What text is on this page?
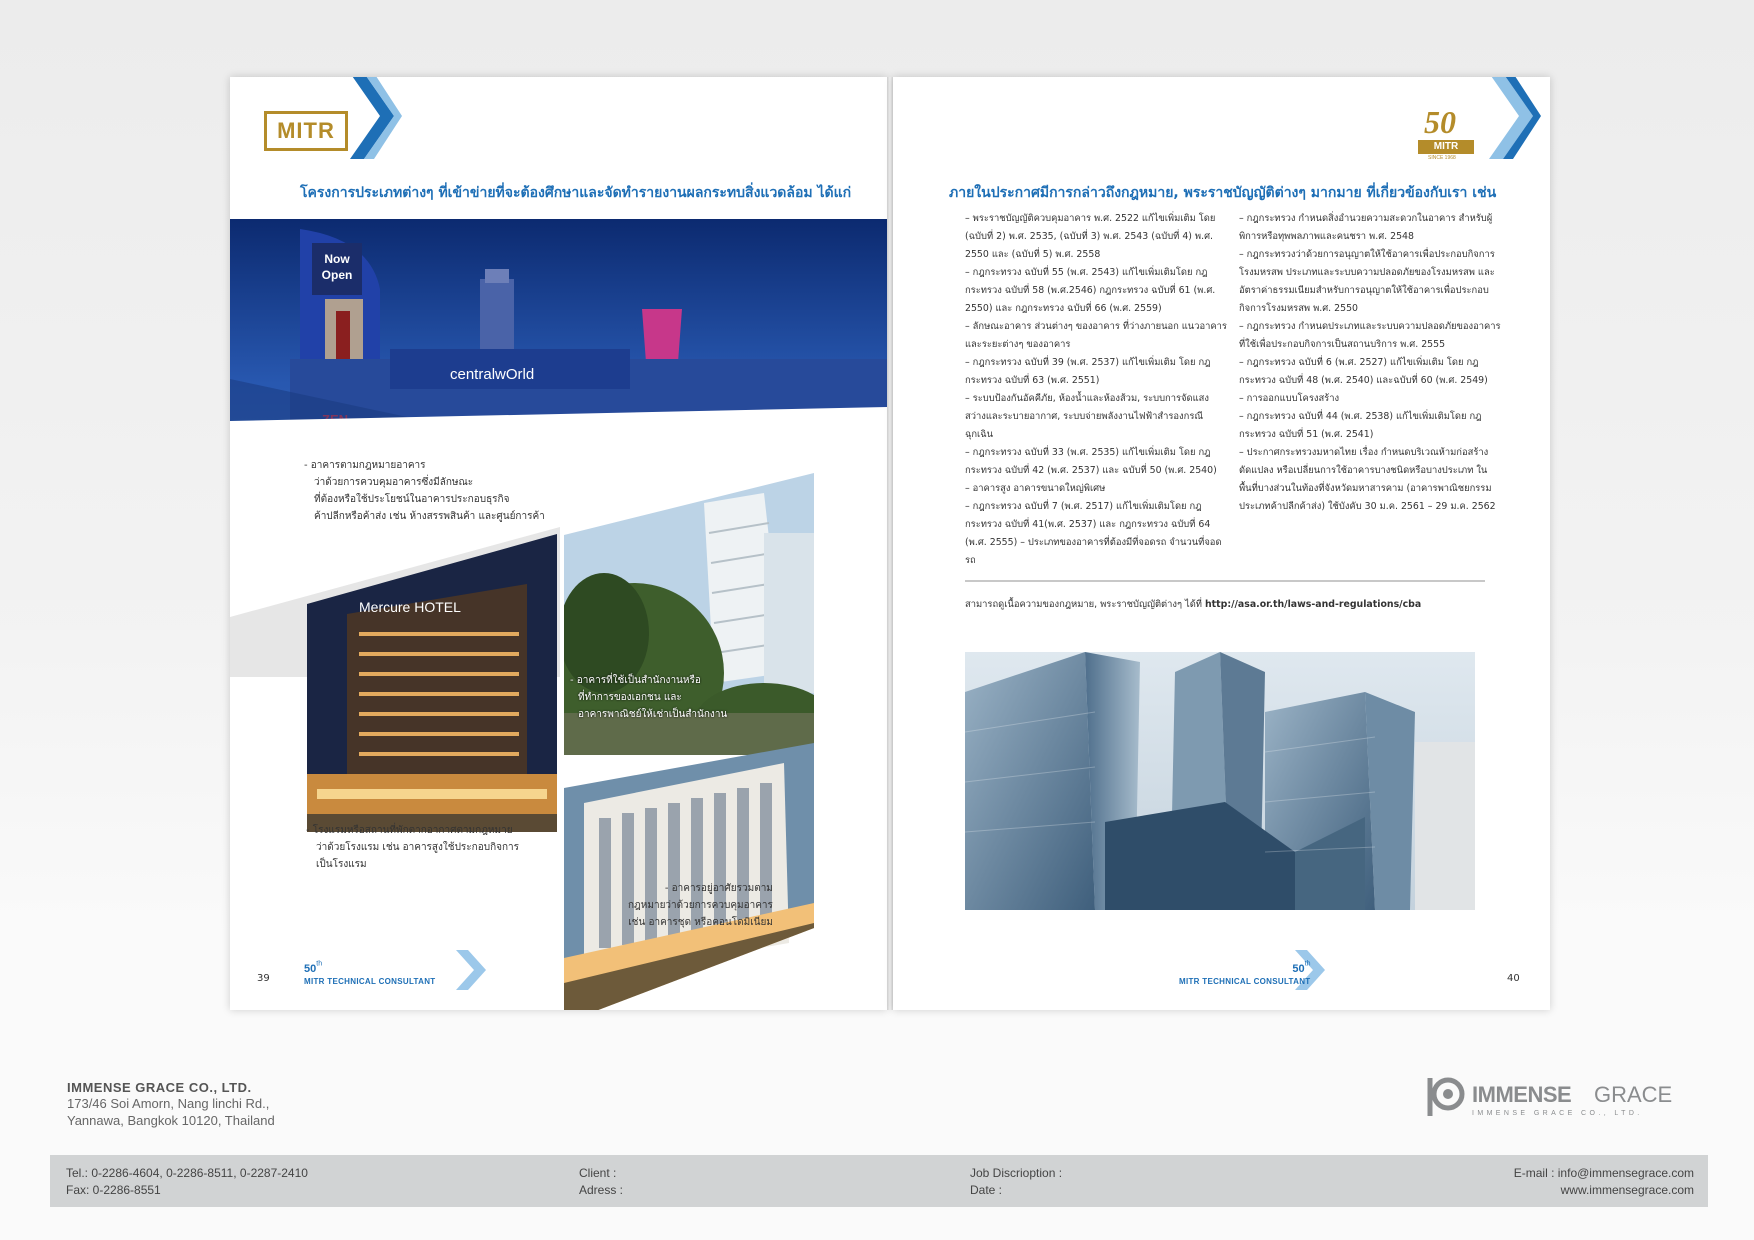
MITR
โครงการประเภทต่างๆ ที่เข้าข่ายที่จะต้องศึกษาและจัดทำรายงานผลกระทบสิ่งแวดล้อม ได้แก่
Now
Open
centralwOrld
- อาคารตามกฎหมายอาคาร
ว่าด้วยการควบคุมอาคารซึ่งมีลักษณะ
ที่ต้องหรือใช้ประโยชน์ในอาคารประกอบธุรกิจ
ค้าปลีกหรือค้าส่ง เช่น ห้างสรรพสินค้า และศูนย์การค้า
Mercure HOTEL
- อาคารที่ใช้เป็นสำนักงานหรือ
ที่ทำการของเอกชน และ
อาคารพาณิชย์ให้เช่าเป็นสำนักงาน
- โรงแรมหรือสถานที่พักตากอากาศตามกฎหมาย
ว่าด้วยโรงแรม เช่น อาคารสูงใช้ประกอบกิจการ
เป็นโรงแรม
- อาคารอยู่อาศัยรวมตาม
กฎหมายว่าด้วยการควบคุมอาคาร
เช่น อาคารชุด หรือคอนโดมิเนียม
39
50th
MITR TECHNICAL CONSULTANT
50
MITR
SINCE 1968
ภายในประกาศมีการกล่าวถึงกฎหมาย, พระราชบัญญัติต่างๆ มากมาย ที่เกี่ยวข้องกับเรา เช่น
– พระราชบัญญัติควบคุมอาคาร พ.ศ. 2522 แก้ไขเพิ่มเติม โดย (ฉบับที่ 2) พ.ศ. 2535, (ฉบับที่ 3) พ.ศ. 2543 (ฉบับที่ 4) พ.ศ. 2550 และ (ฉบับที่ 5) พ.ศ. 2558
– กฎกระทรวง ฉบับที่ 55 (พ.ศ. 2543) แก้ไขเพิ่มเติมโดย กฎกระทรวง ฉบับที่ 58 (พ.ศ.2546) กฎกระทรวง ฉบับที่ 61 (พ.ศ. 2550) และ กฎกระทรวง ฉบับที่ 66 (พ.ศ. 2559)
– ลักษณะอาคาร ส่วนต่างๆ ของอาคาร ที่ว่างภายนอก แนวอาคารและระยะต่างๆ ของอาคาร
– กฎกระทรวง ฉบับที่ 39 (พ.ศ. 2537) แก้ไขเพิ่มเติม โดย กฎกระทรวง ฉบับที่ 63 (พ.ศ. 2551)
– ระบบป้องกันอัคคีภัย, ห้องน้ำและห้องส้วม, ระบบการจัดแสงสว่างและระบายอากาศ, ระบบจ่ายพลังงานไฟฟ้าสำรองกรณีฉุกเฉิน
– กฎกระทรวง ฉบับที่ 33 (พ.ศ. 2535) แก้ไขเพิ่มเติม โดย กฎกระทรวง ฉบับที่ 42 (พ.ศ. 2537) และ ฉบับที่ 50 (พ.ศ. 2540)
– อาคารสูง อาคารขนาดใหญ่พิเศษ
– กฎกระทรวง ฉบับที่ 7 (พ.ศ. 2517) แก้ไขเพิ่มเติมโดย กฎกระทรวง ฉบับที่ 41(พ.ศ. 2537) และ กฎกระทรวง ฉบับที่ 64 (พ.ศ. 2555) – ประเภทของอาคารที่ต้องมีที่จอดรถ จำนวนที่จอดรถ
– กฎกระทรวง กำหนดสิ่งอำนวยความสะดวกในอาคาร สำหรับผู้พิการหรือทุพพลภาพและคนชรา พ.ศ. 2548
– กฎกระทรวงว่าด้วยการอนุญาตให้ใช้อาคารเพื่อประกอบกิจการโรงมหรสพ ประเภทและระบบความปลอดภัยของโรงมหรสพ และอัตราค่าธรรมเนียมสำหรับการอนุญาตให้ใช้อาคารเพื่อประกอบกิจการโรงมหรสพ พ.ศ. 2550
– กฎกระทรวง กำหนดประเภทและระบบความปลอดภัยของอาคารที่ใช้เพื่อประกอบกิจการเป็นสถานบริการ พ.ศ. 2555
– กฎกระทรวง ฉบับที่ 6 (พ.ศ. 2527) แก้ไขเพิ่มเติม โดย กฎกระทรวง ฉบับที่ 48 (พ.ศ. 2540) และฉบับที่ 60 (พ.ศ. 2549)
– การออกแบบโครงสร้าง
– กฎกระทรวง ฉบับที่ 44 (พ.ศ. 2538) แก้ไขเพิ่มเติมโดย กฎกระทรวง ฉบับที่ 51 (พ.ศ. 2541)
– ประกาศกระทรวงมหาดไทย เรื่อง กำหนดบริเวณห้ามก่อสร้าง ดัดแปลง หรือเปลี่ยนการใช้อาคารบางชนิดหรือบางประเภท ในพื้นที่บางส่วนในท้องที่จังหวัดมหาสารคาม (อาคารพาณิชยกรรมประเภทค้าปลีกค้าส่ง) ใช้บังคับ 30 ม.ค. 2561 – 29 ม.ค. 2562
สามารถดูเนื้อความของกฎหมาย, พระราชบัญญัติต่างๆ ได้ที่ http://asa.or.th/laws-and-regulations/cba
50th
MITR TECHNICAL CONSULTANT	40
IMMENSE GRACE CO., LTD.
173/46 Soi Amorn, Nang linchi Rd.,
Yannawa, Bangkok 10120, Thailand
IMMENSE GRACE
IMMENSE GRACE CO., LTD.
Tel.: 0-2286-4604, 0-2286-8511, 0-2287-2410
Fax: 0-2286-8551
Client :
Adress :
Job Discrioption :
Date :
E-mail : info@immensegrace.com
www.immensegrace.com
